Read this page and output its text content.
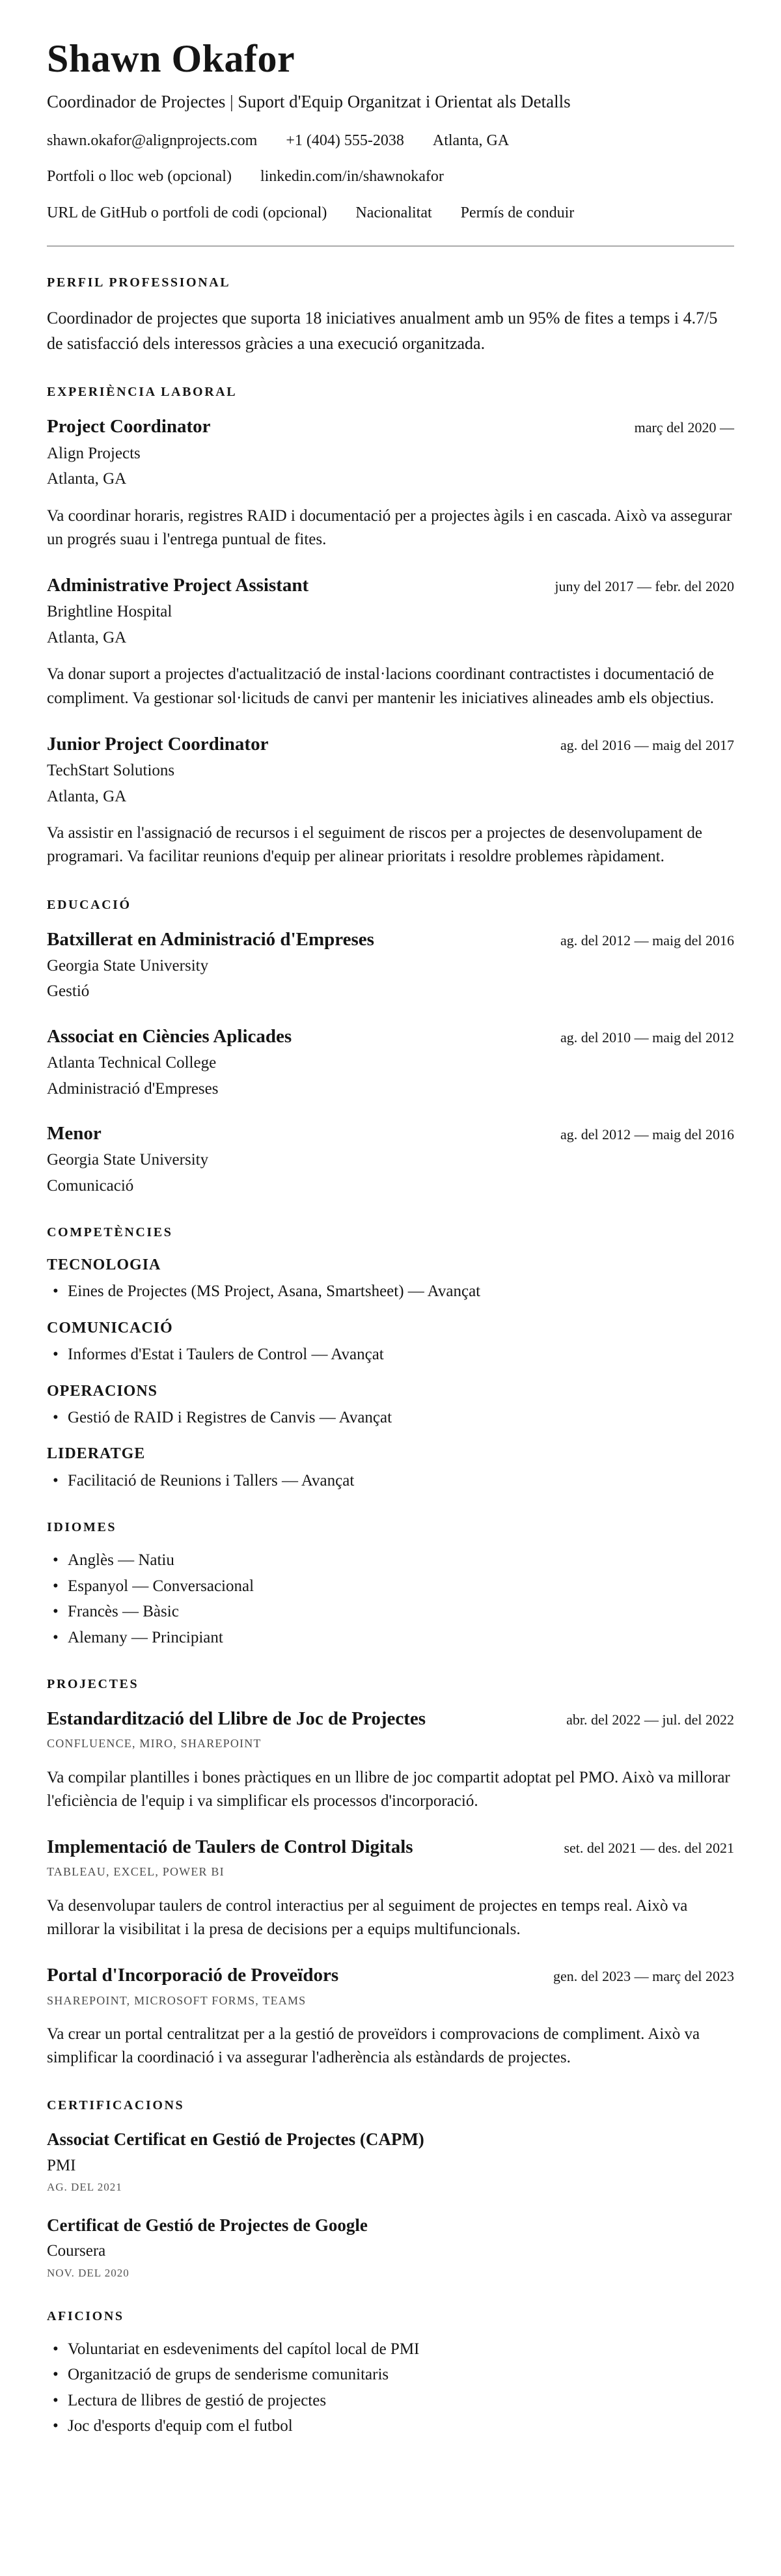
Shawn Okafor
Coordinador de Projectes | Suport d'Equip Organitzat i Orientat als Detalls
shawn.okafor@alignprojects.com +1 (404) 555-2038 Atlanta, GA
Portfoli o lloc web (opcional) linkedin.com/in/shawnokafor
URL de GitHub o portfoli de codi (opcional) Nacionalitat Permís de conduir
PERFIL PROFESSIONAL

Coordinador de projectes que suporta 18 iniciatives anualment amb un 95% de fites a temps i 4.7/5 de satisfacció dels interessos gràcies a una execució organitzada.

EXPERIÈNCIA LABORAL
Project Coordinator	març del 2020 —
Align Projects
Atlanta, GA

Va coordinar horaris, registres RAID i documentació per a projectes àgils i en cascada. Això va assegurar un progrés suau i l'entrega puntual de fites.

Administrative Project Assistant	juny del 2017 — febr. del 2020
Brightline Hospital
Atlanta, GA

Va donar suport a projectes d'actualització de instal·lacions coordinant contractistes i documentació de compliment. Va gestionar sol·licituds de canvi per mantenir les iniciatives alineades amb els objectius.

Junior Project Coordinator	ag. del 2016 — maig del 2017
TechStart Solutions
Atlanta, GA

Va assistir en l'assignació de recursos i el seguiment de riscos per a projectes de desenvolupament de programari. Va facilitar reunions d'equip per alinear prioritats i resoldre problemes ràpidament.

EDUCACIÓ
Batxillerat en Administració d'Empreses	ag. del 2012 — maig del 2016
Georgia State University
Gestió
Associat en Ciències Aplicades	ag. del 2010 — maig del 2012
Atlanta Technical College
Administració d'Empreses
Menor	ag. del 2012 — maig del 2016
Georgia State University
Comunicació
COMPETÈNCIES
TECNOLOGIA
• Eines de Projectes (MS Project, Asana, Smartsheet) — Avançat
COMUNICACIÓ
• Informes d'Estat i Taulers de Control — Avançat
OPERACIONS
• Gestió de RAID i Registres de Canvis — Avançat
LIDERATGE
• Facilitació de Reunions i Tallers — Avançat
IDIOMES
• Anglès — Natiu
• Espanyol — Conversacional
• Francès — Bàsic
• Alemany — Principiant
PROJECTES
Estandardització del Llibre de Joc de Projectes	abr. del 2022 — jul. del 2022
CONFLUENCE, MIRO, SHAREPOINT

Va compilar plantilles i bones pràctiques en un llibre de joc compartit adoptat pel PMO. Això va millorar l'eficiència de l'equip i va simplificar els processos d'incorporació.

Implementació de Taulers de Control Digitals	set. del 2021 — des. del 2021
TABLEAU, EXCEL, POWER BI

Va desenvolupar taulers de control interactius per al seguiment de projectes en temps real. Això va millorar la visibilitat i la presa de decisions per a equips multifuncionals.

Portal d'Incorporació de Proveïdors	gen. del 2023 — març del 2023
SHAREPOINT, MICROSOFT FORMS, TEAMS

Va crear un portal centralitzat per a la gestió de proveïdors i comprovacions de compliment. Això va simplificar la coordinació i va assegurar l'adherència als estàndards de projectes.

CERTIFICACIONS
Associat Certificat en Gestió de Projectes (CAPM)
PMI
AG. DEL 2021
Certificat de Gestió de Projectes de Google
Coursera
NOV. DEL 2020
AFICIONS
• Voluntariat en esdeveniments del capítol local de PMI
• Organització de grups de senderisme comunitaris
• Lectura de llibres de gestió de projectes
• Joc d'esports d'equip com el futbol
